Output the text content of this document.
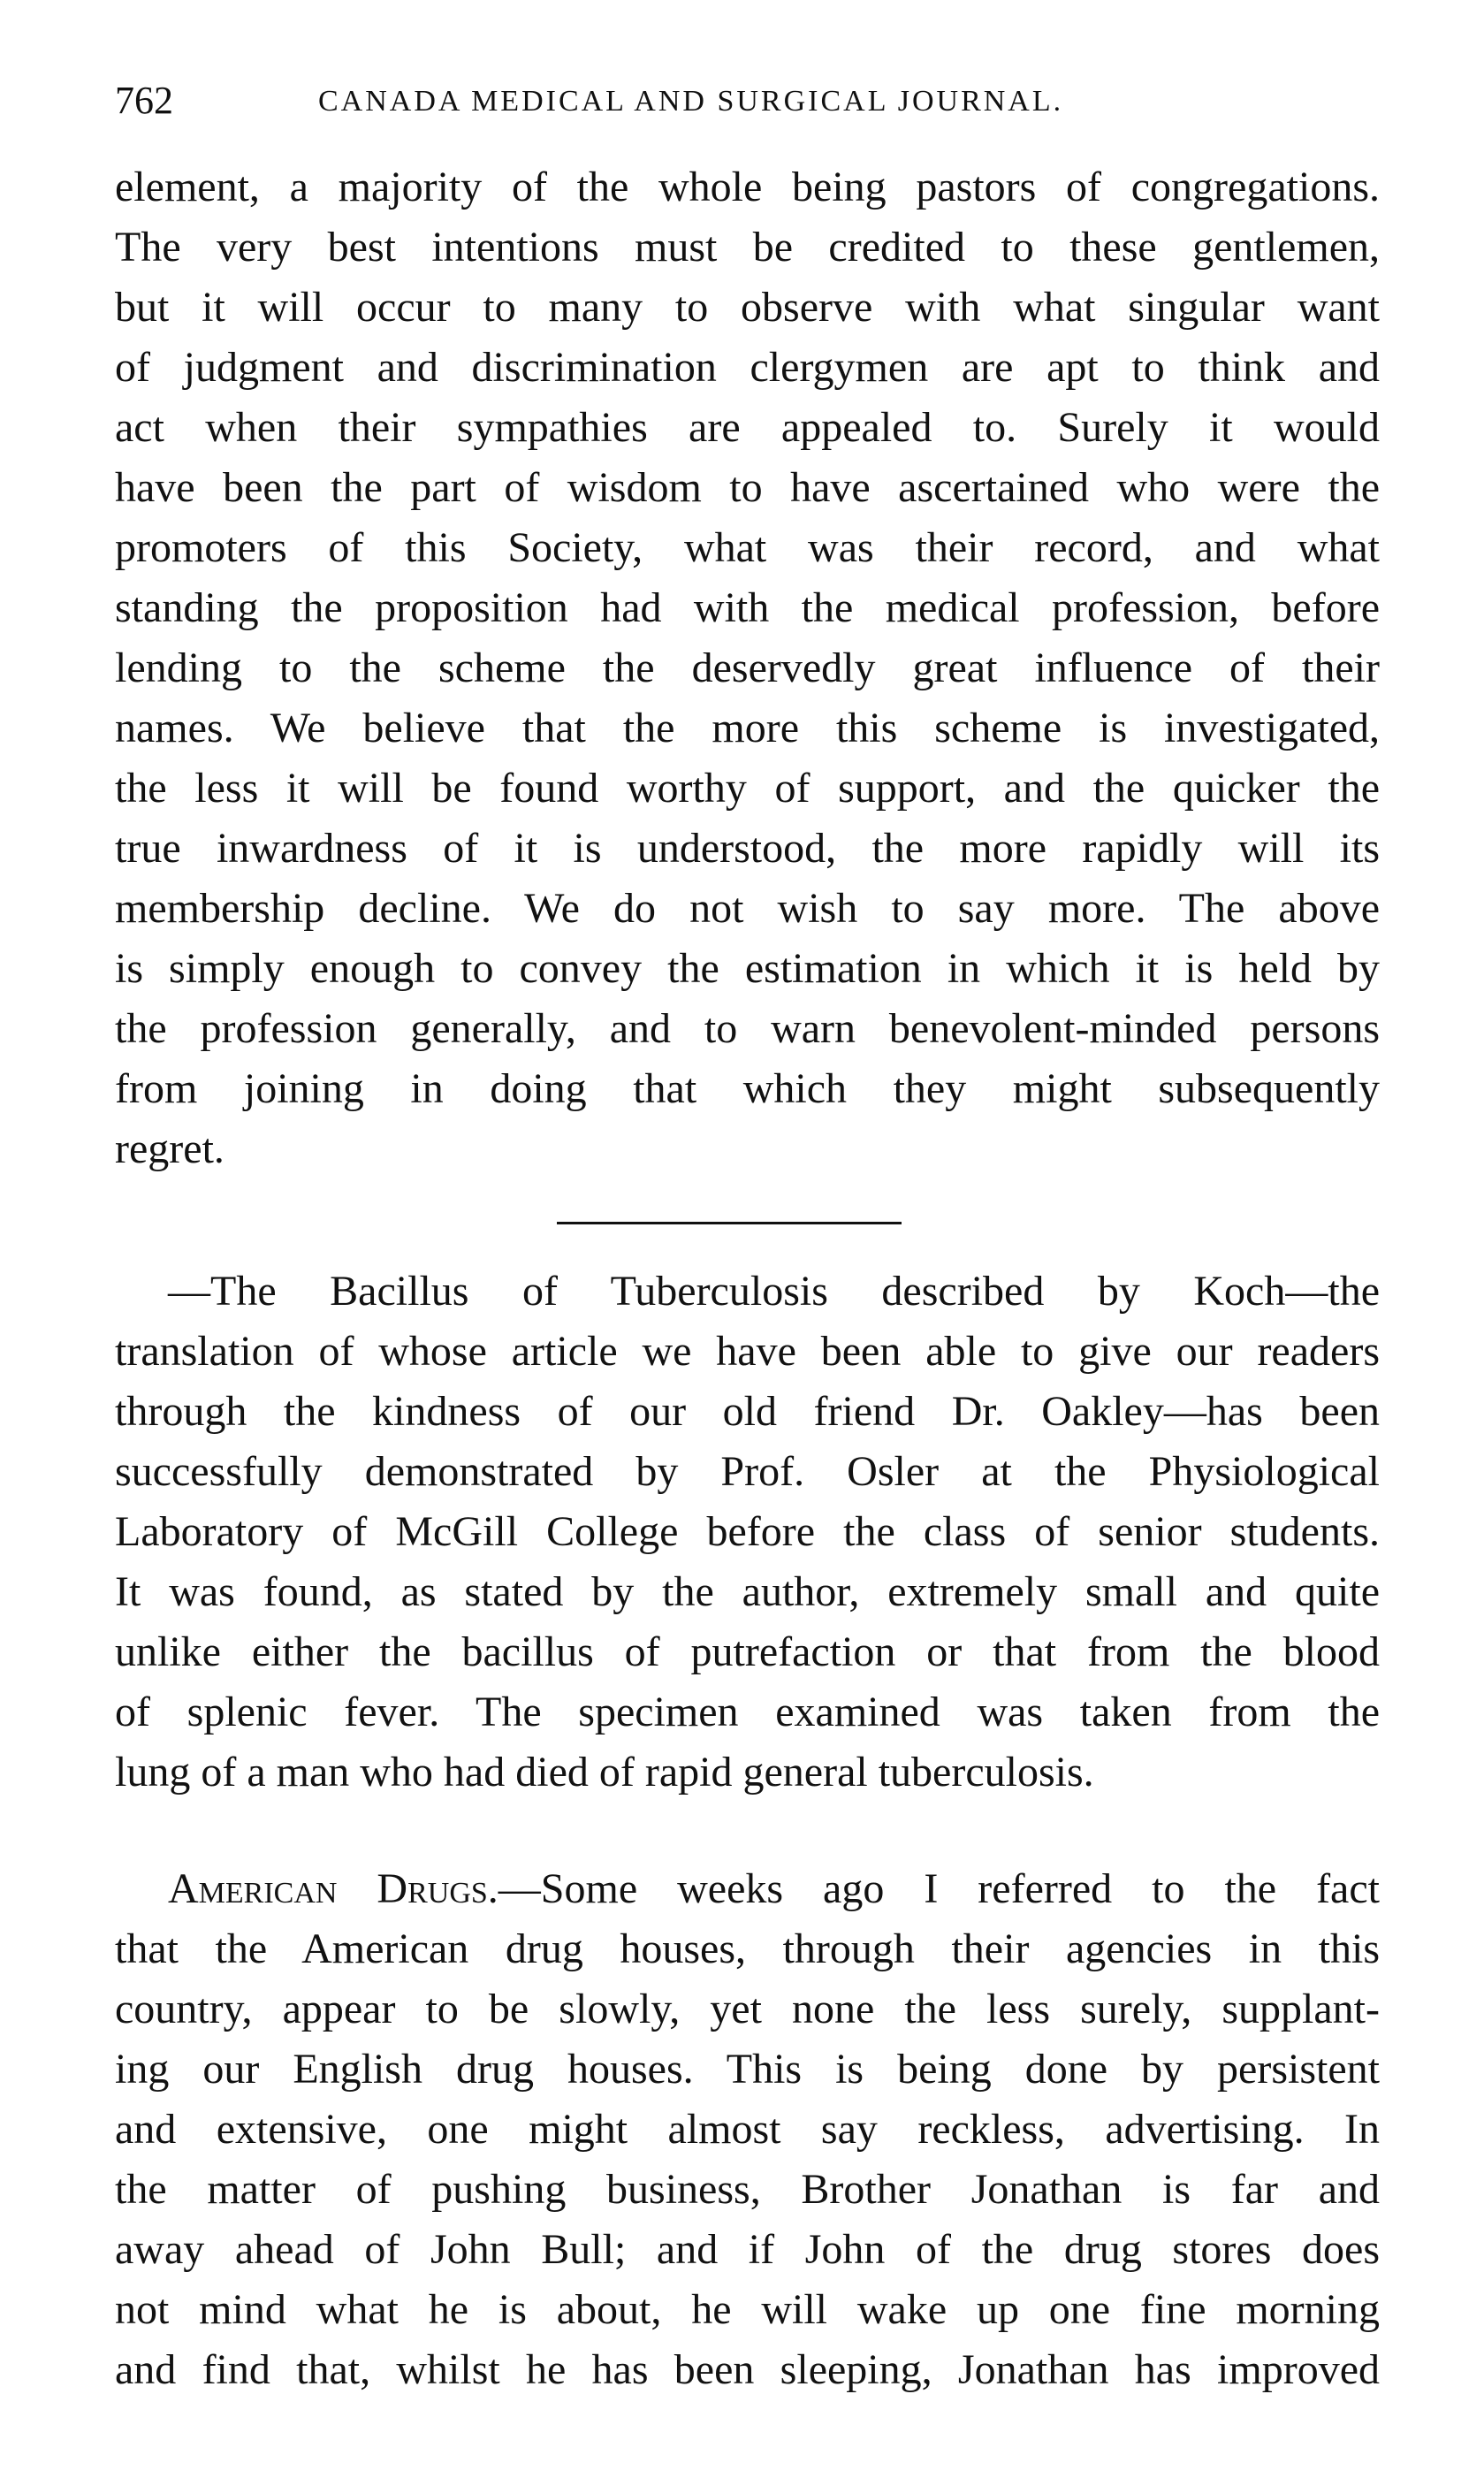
762	CANADA MEDICAL AND SURGICAL JOURNAL.
element, a majority of the whole being pastors of congregations.
The very best intentions must be credited to these gentlemen,
but it will occur to many to observe with what singular want
of judgment and discrimination clergymen are apt to think and
act when their sympathies are appealed to. Surely it would
have been the part of wisdom to have ascertained who were the
promoters of this Society, what was their record, and what
standing the proposition had with the medical profession, before
lending to the scheme the deservedly great influence of their
names. We believe that the more this scheme is investigated,
the less it will be found worthy of support, and the quicker the
true inwardness of it is understood, the more rapidly will its
membership decline. We do not wish to say more. The above
is simply enough to convey the estimation in which it is held by
the profession generally, and to warn benevolent-minded persons
from joining in doing that which they might subsequently
regret.
—The Bacillus of Tuberculosis described by Koch—the
translation of whose article we have been able to give our readers
through the kindness of our old friend Dr. Oakley—has been
successfully demonstrated by Prof. Osler at the Physiological
Laboratory of McGill College before the class of senior students.
It was found, as stated by the author, extremely small and quite
unlike either the bacillus of putrefaction or that from the blood
of splenic fever. The specimen examined was taken from the
lung of a man who had died of rapid general tuberculosis.
American Drugs.—Some weeks ago I referred to the fact
that the American drug houses, through their agencies in this
country, appear to be slowly, yet none the less surely, supplant-
ing our English drug houses. This is being done by persistent
and extensive, one might almost say reckless, advertising. In
the matter of pushing business, Brother Jonathan is far and
away ahead of John Bull; and if John of the drug stores does
not mind what he is about, he will wake up one fine morning
and find that, whilst he has been sleeping, Jonathan has improved
